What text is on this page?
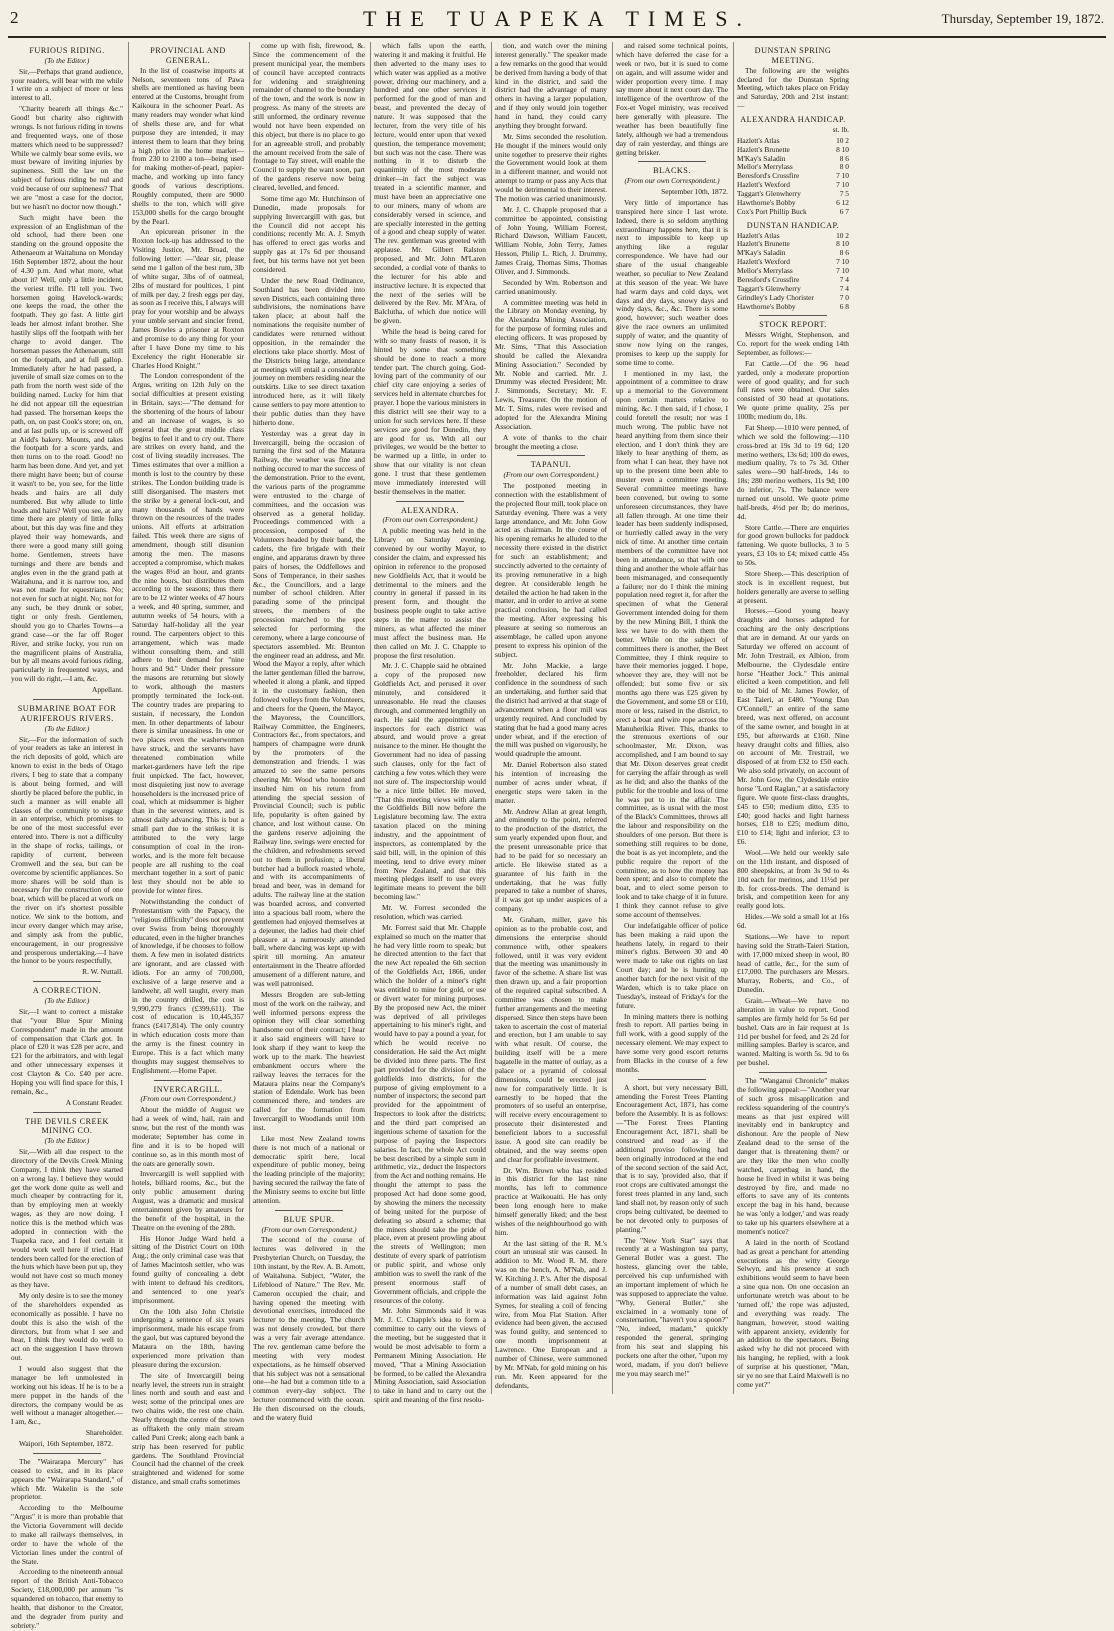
2	THE TUAPEKA TIMES.	Thursday, September 19, 1872.
FURIOUS RIDING.
(To the Editor.)

Sir,—Perhaps that grand audience, your readers, will bear with me while I write on a subject of more or less interest to all.

"Charity beareth all things &c." Good! but charity also rightwith wrongs. Is not furious riding in towns and frequented ways, one of those matters which need to be suppressed? While we calmly bear some evils, we must beware of inviting injuries by supineness. Still the law on the subject of furious riding be nul and void because of our supineness? That we are "most a case for the doctor, but we hasn't no doctor now though."

Such might have been the expression of an Englishman of the old school, had there been one standing on the ground opposite the Athenaeum at Waitahuna on Monday 16th September 1872, about the hour of 4.30 p.m. And what more, what about it? Well, only a little incident, the veriest trifle. I'll tell you. Two horsemen going Havelock-wards; one keeps the road, the other the footpath. They go fast. A little girl leads her almost infant brother. She hastily slips off the footpath with her charge to avoid danger. The horseman passes the Athenaeum, still on the footpath, and at full gallop. Immediately after he had passed, a juvenile of small size comes on to the path from the north west side of the building named. Lucky for him that he did not appear till the equestrian had passed. The horseman keeps the path, on, on past Cook's store; on, on, and at last pulls up, or is screwed off at Aidd's bakery. Mounts, and takes the footpath for a score yards, and then turns on to the road. Good! no harm has been done. And yet, and yet there might have been; but of course it wasn't to be, you see, for the little heads and hairs are all duly numbered. But why allude to little heads and hairs? Well you see, at any time there are plenty of little folks about, but this day was fine and they played their way homewards, and there were a good many still going home. Gentlemen, streets have turnings and there are bends and angles even in the the grand path at Waitahuna, and it is narrow too, and was not made for equestrians. No; not even for such at night. No; not for any such, be they drunk or sober, tight or only fresh. Gentlemen, should you go to Charles Towns—a grand case—or the far off Roger River, and strike lucky, you run on the magnificent plains of Australia, but by all means avoid furious riding, particularly in frequented ways, and you will do right,—I am, &c.

Appellant.
SUBMARINE BOAT FOR AURIFEROUS RIVERS.
(To the Editor.)

Sir,—For the information of such of your readers as take an interest in the rich deposits of gold, which are known to exist in the beds of Otago rivers, I beg to state that a company is about being formed, and will shortly be placed before the public, in such a manner as will enable all classes of the community to engage in an enterprise, which promises to be one of the most successful ever entered into. There is not a difficulty in the shape of rocks, tailings, or rapidity of current, between Cromwell and the sea, but can be overcome by scientific appliances. So more shares will be sold than is necessary for the construction of one boat, which will be placed at work on the river on it's shortest possible notice. We sink to the bottom, and incur every danger which may arise, and simply ask from the public, encouragement, in our progressive and prosperous undertaking.—I have the honor to be yours respectfully,

R. W. Nuttall.
A CORRECTION.
(To the Editor.)

Sir,—I want to correct a mistake that "your Blue Spur Mining Correspondent" made in the amount of compensation that Clark got. In place of £20 it was £28 per acre, and £21 for the arbitrators, and with legal and other unnecessary expenses it cost Clayton & Co. £40 per acre. Hoping you will find space for this, I remain, &c.,

A Constant Reader.
THE DEVILS CREEK MINING CO.
(To the Editor.)

Sir,—With all due respect to the directory of the Devils Creek Mining Company, I think they have started on a wrong lay. I believe they would get the work done quite as well and much cheaper by contracting for it, than by employing men at weekly wages, as they are now doing. I notice this is the method which was adopted in connection with the Tuapeka race, and I feel certain it would work well here if tried. Had tenders been called for the erection of the huts which have been put up, they would not have cost so much money as they have.

My only desire is to see the money of the shareholders expended as economically as possible. I have no doubt this is also the wish of the directors, but from what I see and hear, I think they would do well to act on the suggestion I have thrown out.

I would also suggest that the manager be left unmolested in working out his ideas. If he is to be a mere puppet in the hands of the directors, the company would be as well without a manager altogether.—I am, &c.,

Shareholder.

Waipori, 16th September, 1872.

The "Wairarapa Mercury" has ceased to exist, and in its place appears the "Wairarapa Standard," of which Mr. Wakelin is the sole proprietor.

According to the Melbourne "Argus" it is more than probable that the Victoria Government will decide to make all railways themselves, in order to have the whole of the Victorian lines under the control of the State.

According to the nineteenth annual report of the British Anti-Tobacco Society, £18,000,000 per annum "is squandered on tobacco, that enemy to health, that dishonor to the Creator, and the degrader from purity and sobriety."

PROVINCIAL AND GENERAL.

In the list of coastwise imports at Nelson, seventeen tons of Pawa shells are mentioned as having been entered at the Customs, brought from Kaikoura in the schooner Pearl. As many readers may wonder what kind of shells these are, and for what purpose they are intended, it may interest them to learn that they bring a high price in the home market—from 230 to 2100 a ton—being used for making mother-of-pearl, papier-mache, and working up into fancy goods of various descriptions. Roughly computed, there are 9000 shells to the ton, which will give 153,000 shells for the cargo brought by the Pearl.

An epicurean prisoner in the Roxton lock-up has addressed to the Visiting Justice, Mr. Broad, the following letter: —"dear sir, please send me 1 gallon of the best rum, 3lb of white sugar, 3lbs of of oatmeal, 2lbs of mustard for poultices, 1 pint of milk per day, 2 fresh eggs per day, as soon as I receive this, I always will pray for your worship and be always your umble servant and sincier frend, James Bowles a prisoner at Roxton and promise to do any thing for your after I have Done my time to his Excelency the right Honerable sir Charles Hood Knight."

The London correspondent of the Argus, writing on 12th July on the social difficulties at present existing in Britain, says:—"The demand for the shortening of the hours of labour and an increase of wages, is so general that the great middle class begins to feel it and to cry out. There are strikes on every hand, and the cost of living steadily increases. The Times estimates that over a million a month is lost to the country by these strikes. The London building trade is still disorganised. The masters met the strike by a general lock-out, and many thousands of hands were thrown on the resources of the trades unions. All efforts at arbitration failed. This week there are signs of amendment, though still disunion among the men. The masons accepted a compromise, which makes the wages 8½d an hour, and grants the nine hours, but distributes them according to the seasons; thus there are to be 12 winter weeks of 47 hours a week, and 40 spring, summer, and autumn weeks of 54 hours, with a Saturday half-holiday all the year round. The carpenters object to this arrangement, which was made without consulting them, and still adhere to their demand for "nine hours and 9d." Under their pressure the masons are returning but slowly to work, although the masters promptly terminated the lock-out. The country trades are preparing to sustain, if necessary, the London men. In other departments of labour there is similar uneasiness. In one or two places even the washerwomen have struck, and the servants have threatened combination while market-gardeners have left the ripe fruit unpicked. The fact, however, most disquieting just now to average householders is the increased price of coal, which at midsummer is higher than in the severest winters, and is almost daily advancing. This is but a small part due to the strikes; it is attributed to the very large consumption of coal in the iron-works, and is the more felt because people are all rushing to the coal merchant together in a sort of panic lest they should not be able to provide for winter fires.

Notwithstanding the conduct of Protestantism with the Papacy, the "religious difficulty" does not prevent over Swiss from being thoroughly educated, even in the higher branches of knowledge, if he chooses to follow them. A few men in isolated districts are ignorant, and are classed with idiots. For an army of 700,000, exclusive of a large reserve and a landwehr, all well taught, every man in the country drilled, the cost is 9,990,279 francs (£399,611). The cost of education is 10,445,357 francs (£417,814). The only country in which education costs more than the army is the finest country in Europe. This is a fact which many thoughts may suggest themselves to Englishment.—Home Paper.

INVERCARGILL.
(From our own Correspondent.)

About the middle of August we had a week of wind, hail, rain and snow, but the rest of the month was moderate; September has come in fine and it is to be hoped will continue so, as in this month most of the oats are generally sown.

Invercargill is well supplied with hotels, billiard rooms, &c., but the only public amusement during August, was a dramatic and musical entertainment given by amateurs for the benefit of the hospital, in the Theatre on the evening of the 28th.

His Honor Judge Ward held a sitting of the District Court on 10th Aug.; the only criminal case was that of James Macintosh settler, who was found guilty of concealing a debt with intent to defraud his creditors, and sentenced to one year's imprisonment.

On the 10th also John Christie undergoing a sentence of six years imprisonment, made his escape from the gaol, but was captured beyond the Mataura on the 18th, having experienced more privation than pleasure during the excursion.

The site of Invercargill being nearly level, the streets run in straight lines north and south and east and west; some of the principal ones are two chains wide, the rest one chain. Nearly through the centre of the town as offtaketh the only main stream called Puni Creek; along each bank a strip has been reserved for public gardens. The Southland Provincial Council had the channel of the creek straightened and widened for some distance, and small crafts sometimes

come up with fish, firewood, &. Since the commencement of the present municipal year, the members of council have accepted contracts for widening and straightening remainder of channel to the boundary of the town, and the work is now in progress. As many of the streets are still unformed, the ordinary revenue would not have been expended on this object, but there is no place to go for an agreeable stroll, and probably the amount received from the sale of frontage to Tay street, will enable the Council to supply the want soon, part of the gardens reserve now being cleared, levelled, and fenced.

Some time ago Mr. Hutchinson of Dunedin, made proposals for supplying Invercargill with gas, but the Council did not accept his conditions; recently Mr. A. J. Smyth has offered to erect gas works and supply gas at 17s 6d per thousand feet, but his terms have not yet been considered.

Under the new Road Ordinance, Southland has been divided into seven Districts, each containing three subdivisions, the nominations have taken place; at about half the nominations the requisite number of candidates were returned without opposition, in the remainder the elections take place shortly. Most of the Districts being large, attendance at meetings will entail a considerable journey on members residing near the outskirts. Like to see direct taxation introduced here, as it will likely cause settlers to pay more attention to their public duties than they have hitherto done.

Yesterday was a great day in Invercargill, being the occasion of turning the first sod of the Mataura Railway, the weather was fine and nothing occured to mar the success of the demonstration. Prior to the event, the various parts of the programme were entrusted to the charge of committees, and the occasion was observed as a general holiday. Proceedings commenced with a procession, composed of the Volunteers headed by their band, the cadets, the fire brigade with their engine, and apparatus drawn by three pairs of horses, the Oddfellows and Sons of Temperance, in their sashes &c., the Councillors, and a large number of school children. After parading some of the principal streets, the members of the procession marched to the spot selected for performing the ceremony, where a large concourse of spectators assembled. Mr. Brunton the engineer read an address, and Mr. Wood the Mayor a reply, after which the latter gentleman filled the barrow, wheeled it along a plank, and tipped it in the customary fashion, then followed volleys from the Volunteers, and cheers for the Queen, the Mayor, the Mayoress, the Councillors, Railway Committee, the Engineers, Contractors &c., from spectators, and hampers of champagne were drunk by the promoters of the demonstration and friends. I was amazed to see the same persons cheering Mr. Wood who hooted and insulted him on his return from attending the special session of Provincial Council; such is public life, popularity is often gained by chance, and lost without cause. On the gardens reserve adjoining the Railway line, swings were erected for the children, and refreshments served out to them in profusion; a liberal butcher had a bullock roasted whole, and with its accompaniments of bread and beer, was in demand for adults. The railway line at the station was boarded across, and converted into a spacious ball room, where the gentlemen had enjoyed themselves at a dejeuner, the ladies had their chief pleasure at a numerously attended ball, where dancing was kept up with spirit till morning. An amateur entertainment in the Theatre afforded amusement of a different nature, and was well patronised.

Messrs Brogden are sub-letting most of the work on the railway, and well informed persons express the opinion they will clear something handsome out of their contract; I hear it also said engineers will have to look sharp if they want to keep the work up to the mark. The heaviest embankment occurs where the railway leaves the terraces for the Mataura plains near the Company's station of Edendale. Work has been commenced there, and tenders are called for the formation from Invercargill to Woodlands until 10th inst.

Like most New Zealand towns there is not much of a national or democratic spirit here, local expenditure of public money, being the leading principle of the majority; having secured the railway the fate of the Ministry seems to excite but little attention.

BLUE SPUR.
(From our own Correspondent.)

The second of the course of lectures was delivered in the Presbyterian Church, on Tuesday, the 10th instant, by the Rev. A. B. Arnott, of Waitahuna. Subject, "Water, the Lifeblood of Nature." The Rev. Mr. Cameron occupied the chair, and having opened the meeting with devotional exercises, introduced the lecturer to the meeting. The church was not densely crowded, but there was a very fair average attendance. The rev. gentleman came before the meeting with very modest expectations, as he himself observed that his subject was not a sensational one—he had but a common title to a common every-day subject. The lecturer commenced with the ocean. He then discoursed on the clouds, and the watery fluid

which falls upon the earth, watering it and making it fruitful. He then adverted to the many uses to which water was applied as a motive power, driving our machinery, and a hundred and one other services it performed for the good of man and beast, and prevented the decay of nature. It was supposed that the lecturer, from the very title of his lecture, would enter upon that vexed question, the temperance movement; but such was not the case. There was nothing in it to disturb the equanimity of the most moderate drinker—in fact the subject was treated in a scientific manner, and must have been an appreciative one to our miners, many of whom are considerably versed in science, and are specially interested in the getting of a good and cheap supply of water. The rev. gentleman was greeted with applause. Mr. Gilbert Ralston proposed, and Mr. John M'Laren seconded, a cordial vote of thanks to the lecturer for his able and instructive lecture. It is expected that the next of the series will be delivered by the Rev. Mr. M'Ara, of Balclutha, of which due notice will be given.

While the head is being cared for with so many feasts of reason, it is hinted by some that something should be done to reach a more tender part. The church going, God-loving part of the community of our chief city care enjoying a series of services held in alternate churches for prayer. I hope the various ministers in this district will see their way to a union for such services here. If these services are good for Dunedin, they are good for us. With all our privileges, we would be the better to be warmed up a little, in order to show that our vitality is not clean gone. I trust that these gentlemen move immediately interested will bestir themselves in the matter.

ALEXANDRA.
(From our own Correspondent.)

A public meeting was held in the Library on Saturday evening, convened by our worthy Mayor, to consider the claim, and expressed his opinion in reference to the proposed new Goldfields Act, that it would be detrimental to the miners and the country in general if passed in its present form, and thought the business people ought to take active steps in the matter to assist the miners, as what affected the miner must affect the business man. He then called on Mr. J. C. Chapple to propose the first resolution.

Mr. J. C. Chapple said he obtained a copy of the proposed new Goldfields Act, and perused it over minutely, and considered it unreasonable. He read the clauses through, and commented lengthily on each. He said the appointment of inspectors for each district was absurd, and would prove a great nuisance to the miner. He thought the Government had no idea of passing such clauses, only for the fact of catching a few votes which they were not sure of. The inspectorship would be a nice little billet. He moved, "That this meeting views with alarm the Goldfields Bill now before the Legislature becoming law. The extra taxation placed on the mining industry, and the appointment of inspectors, as contemplated by the said bill, will, in the opinion of this meeting, tend to drive every miner from New Zealand, and that this meeting pledges itself to use every legitimate means to prevent the bill becoming law."

Mr. W. Forrest seconded the resolution, which was carried.

Mr. Forrest said that Mr. Chapple explained so much on the matter that he had very little room to speak; but he directed attention to the fact that the new Act repealed the 6th section of the Goldfields Act, 1866, under which the holder of a miner's right was entitled to mine for gold, or use or divert water for mining purposes. By the proposed new Act, the miner was deprived of all privileges appertaining to his miner's right, and would have to pay a pound a year, for which he would receive no consideration. He said the Act might be divided into three parts. The first part provided for the division of the goldfields into districts, for the purpose of giving employment to a number of inspectors; the second part provided for the appointment of Inspectors to look after the districts; and the third part comprised an ingenious scheme of taxation for the purpose of paying the Inspectors salaries. In fact, the whole Act could be best described by a simple sum in arithmetic, viz., deduct the Inspectors from the Act and nothing remains. He thought the attempt to pass the proposed Act had done some good, by showing the miners the necessity of being united for the purpose of defeating so absurd a scheme; that the miners should take the pride of place, even at present prowling about the streets of Wellington; men destitute of every spark of patriotism or public spirit, and whose only ambition was to swell the rank of the present enormous staff of Government officials, and cripple the resources of the colony.

Mr. John Simmonds said it was Mr. J. C. Chapple's idea to form a committee to carry out the views of the meeting, but he suggested that it would be most advisable to form a Permanent Mining Association. He moved, "That a Mining Association be formed, to be called the Alexandra Mining Association, said Association to take in hand and to carry out the spirit and meaning of the first resolu-

tion, and watch over the mining interest generally." The speaker made a few remarks on the good that would be derived from having a body of that kind in the district, and said the district had the advantage of many others in having a larger population, and if they only would join together hand in hand, they could carry anything they brought forward.

Mr. Sims seconded the resolution. He thought if the miners would only unite together to preserve their rights the Government would look at them in a different manner, and would not attempt to tramp or pass any Acts that would be detrimental to their interest. The motion was carried unanimously.

Mr. J. C. Chapple proposed that a committee be appointed, consisting of John Young, William Forrest, Richard Dawson, William Faucett, William Noble, John Terry, James Hesson, Philip L. Rich, J. Drummy, James Craig, Thomas Sims, Thomas Oliver, and J. Simmonds.

Seconded by Wm. Robertson and carried unanimously.

A committee meeting was held in the Library on Monday evening, by the Alexandra Mining Association, for the purpose of forming rules and electing officers. It was proposed by Mr. Sims, "That this Association should be called the Alexandra Mining Association." Seconded by Mr. Noble and carried. Mr. J. Drummy was elected President; Mr. J. Simmonds, Secretary; Mr. F. Lewis, Treasurer. On the motion of Mr. T. Sims, rules were revised and adopted for the Alexandra Mining Association.

A vote of thanks to the chair brought the meeting a close.

TAPANUI.
(From our own Correspondent.)

The postponed meeting in connection with the establishment of the projected flour mill, took place on Saturday evening. There was a very large attendance, and Mr. John Gow acted as chairman. In the course of his opening remarks he alluded to the necessity there existed in the district for such an establishment; and succinctly adverted to the certainty of its proving remunerative in a high degree. At considerable length he detailed the action he had taken in the matter, and in order to arrive at some practical conclusion, he had called the meeting. After expressing his pleasure at seeing so numerous an assemblage, he called upon anyone present to express his opinion of the subject.

Mr. John Mackie, a large freeholder, declared his firm confidence in the soundness of such an undertaking, and further said that the district had arrived at that stage of advancement when a flour mill was urgently required. And concluded by stating that he had a good many acres under wheat, and if the erection of the mill was pushed on vigorously, he would quadruple the amount.

Mr. Daniel Robertson also stated his intention of increasing the number of acres under wheat, if energetic steps were taken in the matter.

Mr. Andrew Allan at great length, and eminently to the point, referred to the production of the district, the sum yearly expended upon flour, and the present unreasonable price that had to be paid for so necessary an article. He likewise stated as a guarantee of his faith in the undertaking, that he was fully prepared to take a number of shares, if it was got up under auspices of a company.

Mr. Graham, miller, gave his opinion as to the probable cost, and dimensions the enterprise should commence with, other speakers followed, until it was very evident that the meeting was unanimously in favor of the scheme. A share list was then drawn up, and a fair proportion of the required capital subscribed. A committee was chosen to make further arrangements and the meeting dispersed. Since then steps have been taken to ascertain the cost of material and erection, but I am unable to say with what result. Of course, the building itself will be a mere bagatelle in the matter of outlay, as a palace or a pyramid of colossal dimensions, could be erected just now for comparatively little. It is earnestly to be hoped that the promoters of so useful an enterprise, will receive every encouragement to prosecute their disinterested and beneficient labors to a successful issue. A good site can readily be obtained, and the way seems open and clear for profitable investment.

Dr. Wm. Brown who has resided in this district for the last nine months, has left to commence practice at Waikouaiti. He has only been long enough here to make himself generally liked; and the best wishes of the neighbourhood go with him.

At the last sitting of the R. M.'s court an unusual stir was caused. In addition to Mr. Wood R. M. there was on the bench, A. M'Nab, and J. W. Kitching J. P.'s. After the disposal of a number of small debt cases, an information was laid against John Symes, for stealing a coil of fencing wire, from Moa Flat Station. After evidence had been given, the accused was found guilty, and sentenced to one month imprisonment at Lawrence. One European and a number of Chinese, were summoned by Mr. M'Nab, for gold mining on his run. Mr. Keen appeared for the defendants,

and raised some technical points, which have deferred the case for a week or two, but it is sued to come on again, and will assume wider and wider proportion every time. I may say more about it next court day. The intelligence of the overthrow of the Fox-et Vogel ministry, was received here generally with pleasure. The weather has been beautifully fine lately, although we had a tremendous day of rain yesterday, and things are getting brisker.

BLACKS.
(From our own Correspondent.)
September 10th, 1872.

Very little of importance has transpired here since I last wrote. Indeed, there is so seldom anything extraordinary happens here, that it is next to impossible to keep up anything like a regular correspondence. We have had our share of the usual changeable weather, so peculiar to New Zealand at this season of the year. We have had warm days and cold days, wet days and dry days, snowy days and windy days, &c., &c. There is some good, however; such weather does give the race owners an unlimited supply of water, and the quantity of snow now lying on the ranges, promises to keep up the supply for some time to come.

I mentioned in my last, the appointment of a committee to draw up a memorial to the Government upon certain matters relative to mining, &c. I then said, if I chose, I could foretell the result; nor was I much wrong. The public have not heard anything from them since their election, and I don't think they are likely to hear anything of them, as from what I can hear, they have not up to the present time been able to muster even a committee meeting. Several committee meetings have been convened, but owing to some unforeseen circumstances, they have all fallen through. At one time their leader has been suddenly indisposed, or hurriedly called away in the very nick of time. At another time certain members of the committee have not been in attendance, so that with one thing and another the whole affair has been mismanaged, and consequently a failure; nor do I think the mining population need regret it, for after the specimen of what the General Government intended doing for them by the new Mining Bill, I think the less we have to do with them the better. While on the subject of committees there is another, the Beet Committee, they I think require to have their memories jogged. I hope, whoever they are, they will not be offended; but some five or six months ago there was £25 given by the Government, and some £8 or £10, more or less, raised in the district, to erect a boat and wire rope across the Manuherikia River. This, thanks to the strenuous exertions of our schoolmaster, Mr. Dixon, was accomplished, and I am bound to say that Mr. Dixon deserves great credit for carrying the affair through as well as he did; and also the thanks of the public for the trouble and loss of time he was put to in the affair. The committee, as is usual with the most of the Black's Committees, throws all the labour and responsibility on the shoulders of one person. But there is something still requires to be done, the boat is as yet incomplete, and the public require the report of the committee, as to how the money has been spent; and also to complete the boat, and to elect some person to look and to take charge of it in future. I think they cannot refuse to give some account of themselves.

Our indefatigable officer of police has been making a raid upon the heathens lately, in regard to their miner's rights. Between 30 and 40 were made to take out rights on last Court day; and he is hunting up another batch for the next visit of the Warden, which is to take place on Tuesday's, instead of Friday's for the future.

In mining matters there is nothing fresh to report. All parties being in full work, with a good supply of the necessary element. We may expect to have some very good escort returns from Blacks in the course of a few months.

A short, but very necessary Bill, amending the Forest Trees Planting Encouragement Act, 1871, has come before the Assembly. It is as follows: —"The Forest Trees Planting Encouragement Act, 1871, shall be construed and read as if the additional proviso following had been originally introduced at the end of the second section of the said Act, that is to say, 'provided also, that if root crops are cultivated amongst the forest trees planted in any land, such land shall not, by reason only of such crops being cultivated, be deemed to be not devoted only to purposes of planting.'"

The "New York Star" says that recently at a Washington tea party, General Butler was a guest. The hostess, glancing over the table, perceived his cup unfurnished with an important implement of which he was supposed to appreciate the value. "Why, General Butler," she exclaimed in a womanly tone of consternation, "haven't you a spoon?" "No, indeed, madam," quickly responded the general, springing from his seat and slapping his pockets one after the other, "upon my word, madam, if you don't believe me you may search me!"

DUNSTAN SPRING MEETING.

The following are the weights declared for the Dunstan Spring Meeting, which takes place on Friday and Saturday, 20th and 21st instant:—

ALEXANDRA HANDICAP.
st. lb.
Hazlett's Atlas	10 2
Hazlett's Brunette	8 10
M'Kay's Saladin	8 6
Mellor's Merrylass	8 0
Beresford's Crossfire	7 10
Hazlett's Wexford	7 10
Taggart's Glenwherry	7 5
Hawthorne's Bobby	6 12
Cox's Port Phillip Buck	6 7
DUNSTAN HANDICAP.
Hazlett's Atlas	10 2
Hazlett's Brunette	8 10
M'Kay's Saladin	8 6
Hazlett's Wexford	7 10
Mellor's Merrylass	7 10
Beresford's Crossfire	7 4
Taggart's Glenwherry	7 4
Grindley's Lady Chorister	7 0
Hawthorne's Bobby	6 8
STOCK REPORT.

Messrs Wright, Stephenson, and Co. report for the week ending 14th September, as follows:—

Fat Cattle.—Of the 96 head yarded, only a moderate proportion were of good quality, and for such full rates were obtained. Our sales consisted of 30 head at quotations. We quote prime quality, 25s per 100lb; medium do, 18s.

Fat Sheep.—1010 were penned, of which we sold the following:—110 cross-bred at 19s 3d to 19 6d; 120 merino wethers, 13s 6d; 100 do ewes, medium quality, 7s to 7s 3d. Other sales were—90 half-breds, 14s to 18s; 280 merino wethers, 11s 9d; 100 do inferior, 7s. The balance were turned out unsold. We quote prime half-breds, 4½d per lb; do merinos, 4d.

Store Cattle.—There are enquiries for good grown bullocks for paddock fattening. We quote bullocks, 3 to 5 years, £3 10s to £4; mixed cattle 45s to 50s.

Store Sheep.—This description of stock is in excellent request, but holders generally are averse to selling at present.

Horses.—Good young heavy draughts and horses adapted for coaching are the only descriptions that are in demand. At our yards on Saturday we offered on account of Mr. John Trestrail, ex Albion, from Melbourne, the Clydesdale entire horse "Heather Jock." This animal elicited a keen competition, and fell to the bid of Mr. James Fowler, of East Taieri, at £480. "Young Dan O'Connell," an entire of the same breed, was next offered, on account of the same owner, and bought in at £95, but afterwards at £160. Nine heavy draught colts and fillies, also on account of Mr. Trestrail, we disposed of at from £32 to £50 each. We also sold privately, on account of Mr. John Gow, the Clydesdale entire horse "Lord Raglan," at a satisfactory figure. We quote first-class draughts, £45 to £50; medium ditto, £35 to £40; good hacks and light harness horses, £18 to £25; medium ditto, £10 to £14; light and inferior, £3 to £6.

Wool.—We held our weekly sale on the 11th instant, and disposed of 800 sheepskins, at from 3s 9d to 4s 10d each for merinos, and 11½d per lb. for cross-breds. The demand is brisk, and competition keen for any really good lots.

Hides.—We sold a small lot at 16s 6d.

Stations.—We have to report having sold the Strath-Taieri Station, with 17,000 mixed sheep in wool, 80 head of cattle, &c., for the sum of £17,000. The purchasers are Messrs. Murray, Roberts, and Co., of Dunedin.

Grain.—Wheat—We have no alteration in value to report. Good samples are firmly held for 5s 6d per bushel. Oats are in fair request at 1s 11d per bushel for feed, and 2s 2d for milling samples. Barley is scarce, and wanted. Malting is worth 5s. 9d to 6s per bushel.

The "Wanganui Chronicle" makes the following appeal:—"Another year of such gross misapplication and reckless squandering of the country's means as that just expired will inevitably end in bankruptcy and dishonour. Are the people of New Zealand dead to the sense of the danger that is threatening them? or are they like the men who coolly watched, carpetbag in hand, the house he lived in whilst it was being destroyed by fire, and made no efforts to save any of its contents except the bag in his hand, because he was 'only a lodger,' and was ready to take up his quarters elsewhere at a moment's notice?

A laird in the north of Scotland had as great a penchant for attending executions as the witty George Selwyn, and his presence at such exhibitions would seem to have been a sine qua non. On one occasion an unfortunate wretch was about to be 'turned off,' the rope was adjusted, and everything was ready. The hangman, however, stood waiting with apparent anxiety, evidently for an addition to the spectators. Being asked why he did not proceed with his hanging, he replied, with a look of surprise at his questioner, "Man, sir ye no see that Laird Maxwell is no come yet?"
